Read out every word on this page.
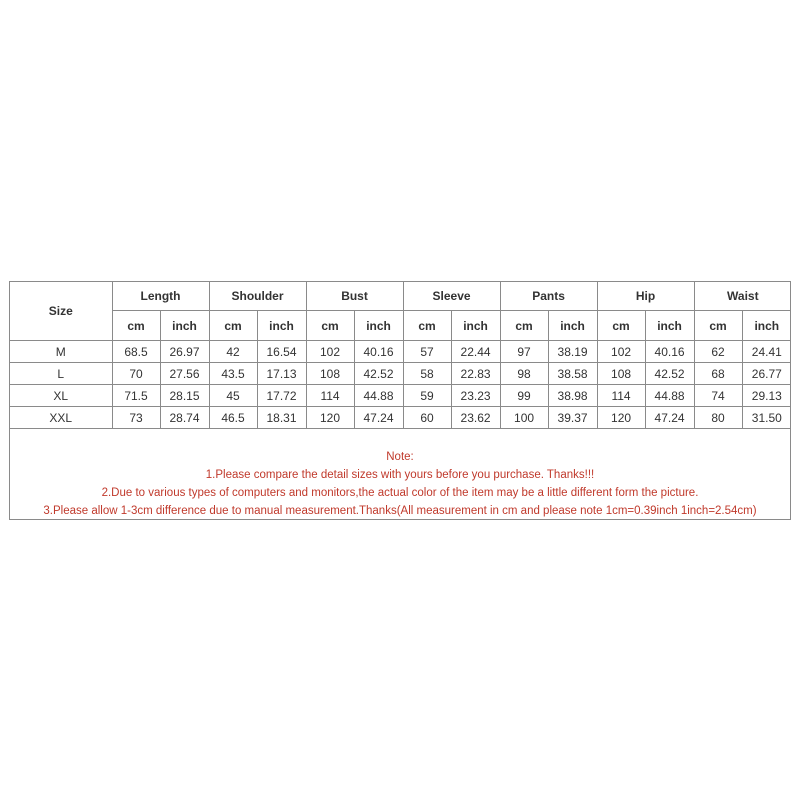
Size	Length		Shoulder		Bust		Sleeve		Pants		Hip		Waist	
	cm	inch	cm	inch	cm	inch	cm	inch	cm	inch	cm	inch	cm	inch
M	68.5	26.97	42	16.54	102	40.16	57	22.44	97	38.19	102	40.16	62	24.41
L	70	27.56	43.5	17.13	108	42.52	58	22.83	98	38.58	108	42.52	68	26.77
XL	71.5	28.15	45	17.72	114	44.88	59	23.23	99	38.98	114	44.88	74	29.13
XXL	73	28.74	46.5	18.31	120	47.24	60	23.62	100	39.37	120	47.24	80	31.50
Note:
1.Please compare the detail sizes with yours before you purchase. Thanks!!!
2.Due to various types of computers and monitors,the actual color of the item may be a little different form the picture.
3.Please allow 1-3cm difference due to manual measurement.Thanks(All measurement in cm and please note 1cm=0.39inch 1inch=2.54cm)
